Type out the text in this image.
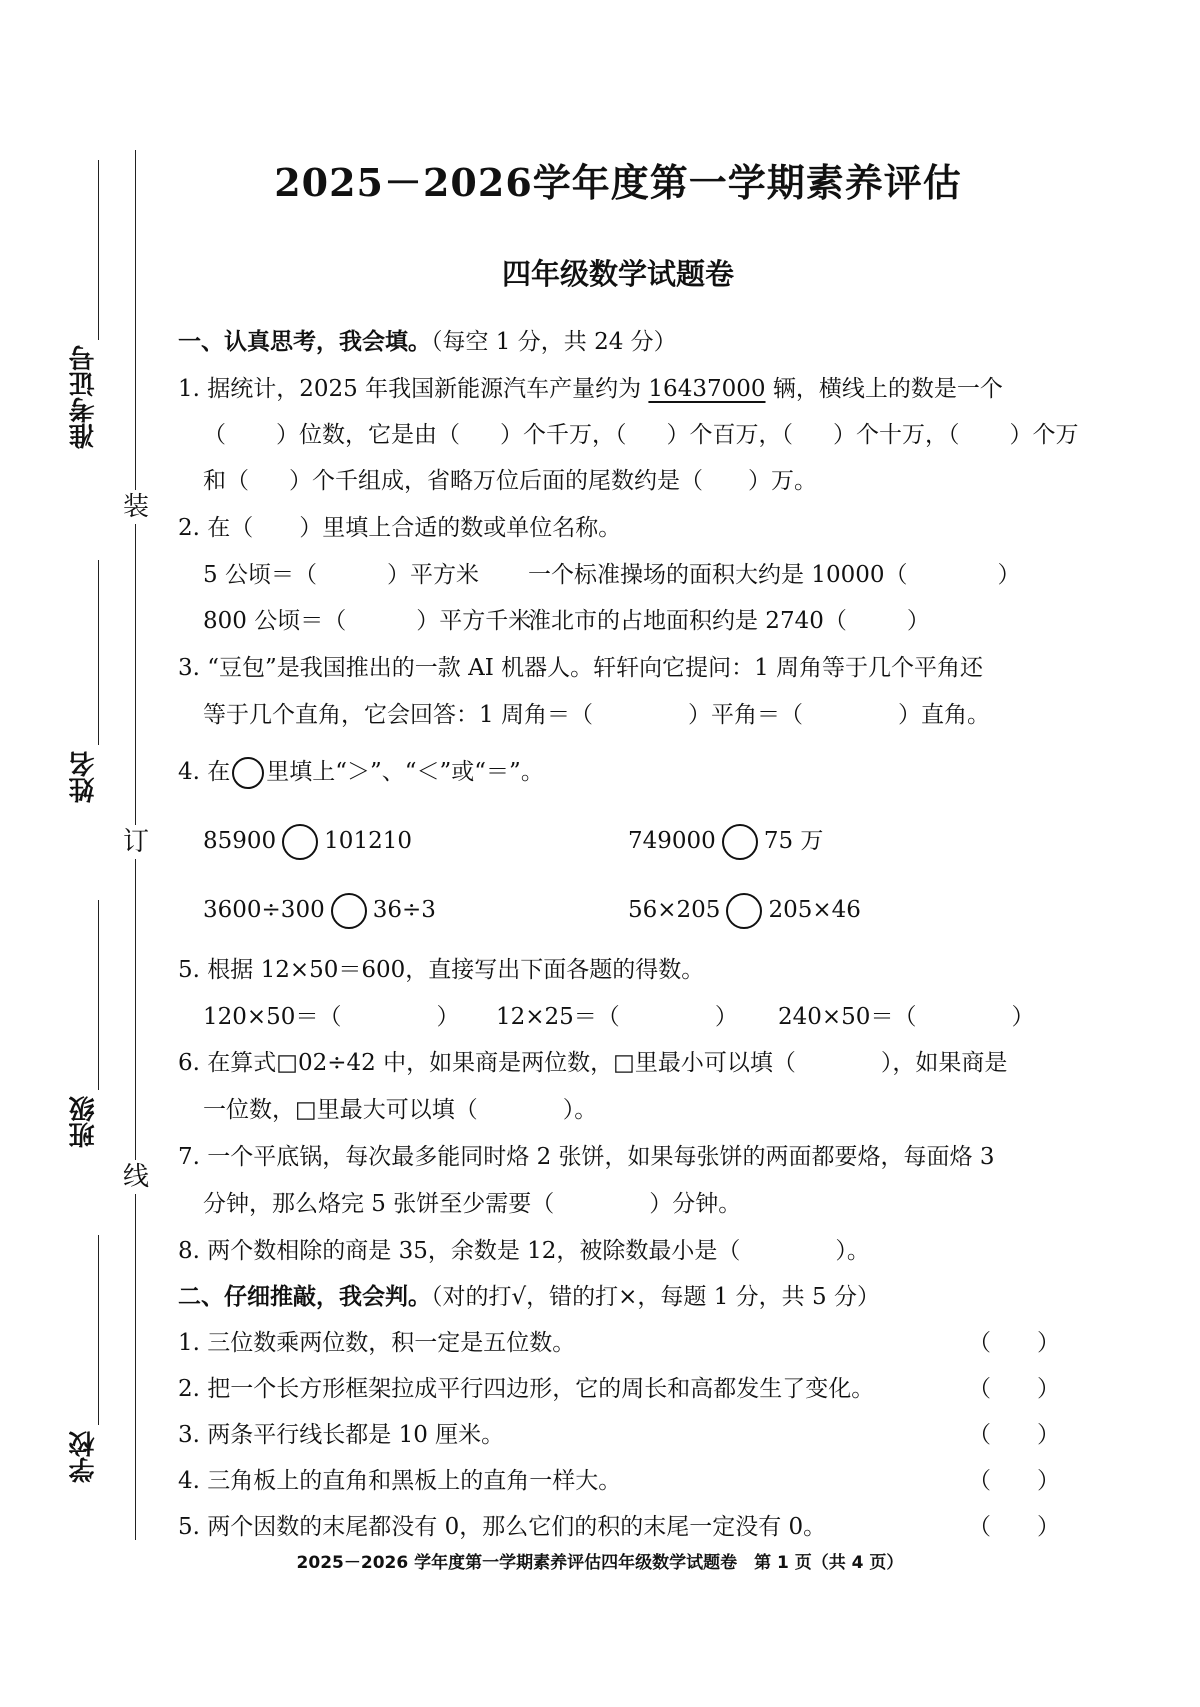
准考证号
姓名
班级
学校
装
订
线
2025－2026学年度第一学期素养评估
四年级数学试题卷
一、认真思考，我会填。（每空 1 分，共 24 分）
1. 据统计，2025 年我国新能源汽车产量约为 16437000 辆，横线上的数是一个
（ ）位数，它是由（ ）个千万，（ ）个百万，（ ）个十万，（ ）个万
和（ ）个千组成，省略万位后面的尾数约是（ ）万。
2. 在（　　）里填上合适的数或单位名称。
5 公顷＝（	）平方米 一个标准操场的面积大约是 10000（	）
800 公顷＝（	）平方千米
淮北市的占地面积约是 2740（	）
3. “豆包”是我国推出的一款 AI 机器人。轩轩向它提问：1 周角等于几个平角还
等于几个直角，它会回答：1 周角＝（	）平角＝（	）直角。
4. 在 里填上“＞”、“＜”或“＝”。
85900 101210	749000 75 万
3600÷300 36÷3	56×205 205×46
5. 根据 12×50＝600，直接写出下面各题的得数。
120×50＝（	） 12×25＝（	） 240×50＝（	）
6. 在算式□02÷42 中，如果商是两位数，□里最小可以填（	），如果商是
一位数，□里最大可以填（	）。
7. 一个平底锅，每次最多能同时烙 2 张饼，如果每张饼的两面都要烙，每面烙 3
分钟，那么烙完 5 张饼至少需要（	）分钟。
8. 两个数相除的商是 35，余数是 12，被除数最小是（	）。
二、仔细推敲，我会判。（对的打√，错的打×，每题 1 分，共 5 分）
1. 三位数乘两位数，积一定是五位数。	（　　）
2. 把一个长方形框架拉成平行四边形，它的周长和高都发生了变化。	（　　）
3. 两条平行线长都是 10 厘米。	（　　）
4. 三角板上的直角和黑板上的直角一样大。	（　　）
5. 两个因数的末尾都没有 0，那么它们的积的末尾一定没有 0。	（　　）
2025－2026 学年度第一学期素养评估四年级数学试题卷　第 1 页（共 4 页）
